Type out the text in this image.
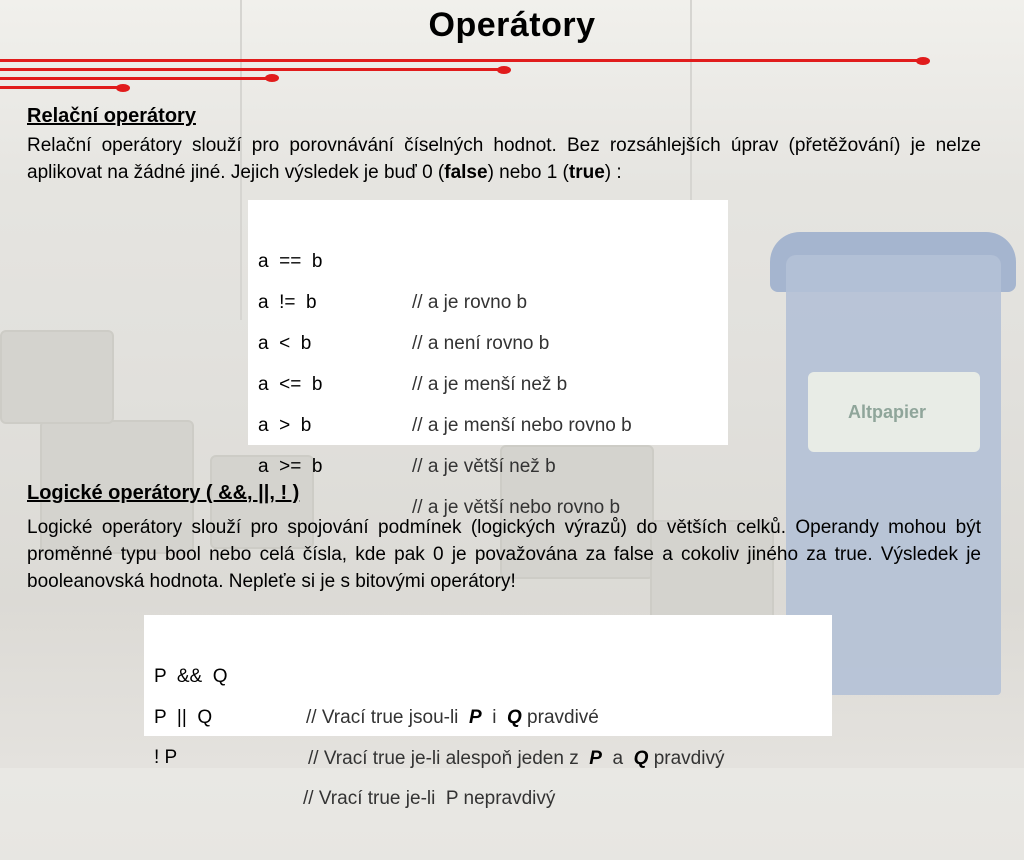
Altpapier
Operátory
Relační operátory
Relační operátory slouží pro porovnávání číselných hodnot. Bez rozsáhlejších úprav (přetěžování) je nelze aplikovat na žádné jiné. Jejich výsledek je buď 0 (false) nebo 1 (true) :

a  ==  b

// a je rovno b

a  !=  b

// a není rovno b

a  <  b

// a je menší než b

a  <=  b

// a je menší nebo rovno b

a  >  b

// a je větší než b

a  >=  b

// a je větší nebo rovno b

Logické operátory ( &&, ||, ! )
Logické operátory slouží pro spojování podmínek (logických výrazů) do větších celků. Operandy mohou být proměnné typu bool nebo celá čísla, kde pak 0 je považována za false a cokoliv jiného za true. Výsledek je booleanovská hodnota. Nepleťe si je s bitovými operátory!

P  &&  Q

// Vrací true jsou-li  P  i  Q pravdivé

P  ||  Q

// Vrací true je-li alespoň jeden z  P  a  Q pravdivý

! P

// Vrací true je-li  P nepravdivý
